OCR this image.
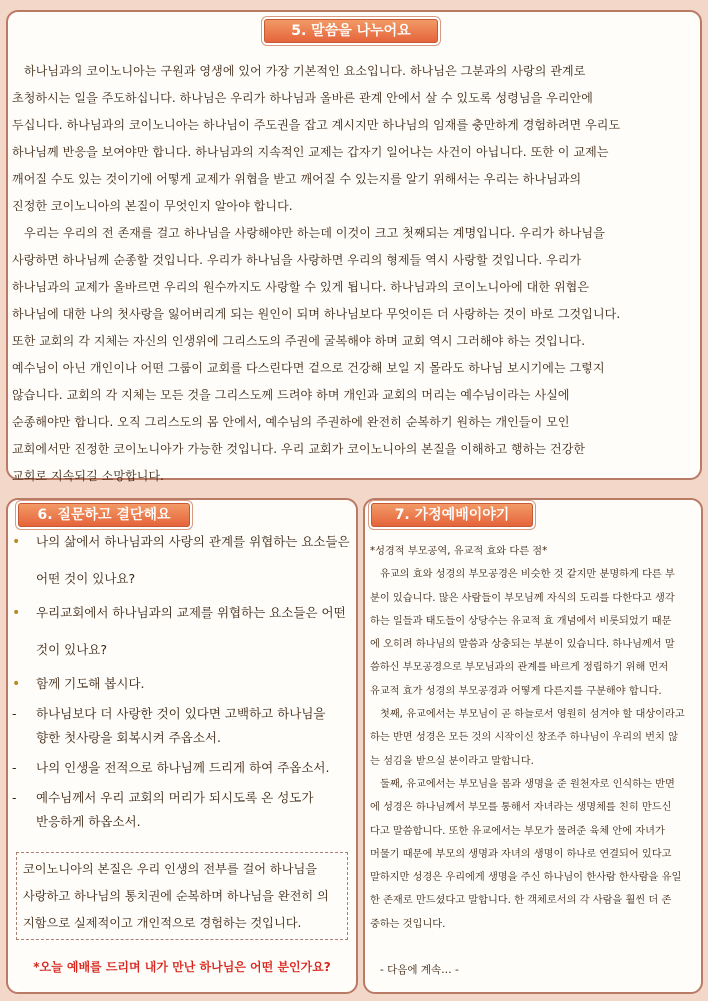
5. 말씀을 나누어요
하나님과의 코이노니아는 구원과 영생에 있어 가장 기본적인 요소입니다. 하나님은 그분과의 사랑의 관계로
초청하시는 일을 주도하십니다. 하나님은 우리가 하나님과 올바른 관계 안에서 살 수 있도록 성령님을 우리안에
두십니다. 하나님과의 코이노니아는 하나님이 주도권을 잡고 계시지만 하나님의 임재를 충만하게 경험하려면 우리도
하나님께 반응을 보여야만 합니다. 하나님과의 지속적인 교제는 갑자기 일어나는 사건이 아닙니다. 또한 이 교제는
깨어질 수도 있는 것이기에 어떻게 교제가 위협을 받고 깨어질 수 있는지를 알기 위해서는 우리는 하나님과의
진정한 코이노니아의 본질이 무엇인지 알아야 합니다.
우리는 우리의 전 존재를 걸고 하나님을 사랑해야만 하는데 이것이 크고 첫째되는 계명입니다. 우리가 하나님을
사랑하면 하나님께 순종할 것입니다. 우리가 하나님을 사랑하면 우리의 형제들 역시 사랑할 것입니다. 우리가
하나님과의 교제가 올바르면 우리의 원수까지도 사랑할 수 있게 됩니다. 하나님과의 코이노니아에 대한 위협은
하나님에 대한 나의 첫사랑을 잃어버리게 되는 원인이 되며 하나님보다 무엇이든 더 사랑하는 것이 바로 그것입니다.
또한 교회의 각 지체는 자신의 인생위에 그리스도의 주권에 굴복해야 하며 교회 역시 그러해야 하는 것입니다.
예수님이 아닌 개인이나 어떤 그룹이 교회를 다스린다면 겉으로 건강해 보일 지 몰라도 하나님 보시기에는 그렇지
않습니다. 교회의 각 지체는 모든 것을 그리스도께 드려야 하며 개인과 교회의 머리는 예수님이라는 사실에
순종해야만 합니다. 오직 그리스도의 몸 안에서, 예수님의 주권하에 완전히 순복하기 원하는 개인들이 모인
교회에서만 진정한 코이노니아가 가능한 것입니다. 우리 교회가 코이노니아의 본질을 이해하고 행하는 건강한
교회로 지속되길 소망합니다.
6. 질문하고 결단해요
• 나의 삶에서 하나님과의 사랑의 관계를 위협하는 요소들은
어떤 것이 있나요?
• 우리교회에서 하나님과의 교제를 위협하는 요소들은 어떤
것이 있나요?
• 함께 기도해 봅시다.
- 하나님보다 더 사랑한 것이 있다면 고백하고 하나님을
향한 첫사랑을 회복시켜 주옵소서.
- 나의 인생을 전적으로 하나님께 드리게 하여 주옵소서.
- 예수님께서 우리 교회의 머리가 되시도록 온 성도가
반응하게 하옵소서.
코이노니아의 본질은 우리 인생의 전부를 걸어 하나님을
사랑하고 하나님의 통치권에 순복하며 하나님을 완전히 의
지함으로 실제적이고 개인적으로 경험하는 것입니다.
*오늘 예배를 드리며 내가 만난 하나님은 어떤 분인가요?
7. 가정예배이야기
*성경적 부모공역, 유교적 효와 다른 점*
유교의 효와 성경의 부모공경은 비슷한 것 같지만 분명하게 다른 부
분이 있습니다. 많은 사람들이 부모님께 자식의 도리를 다한다고 생각
하는 일들과 태도들이 상당수는 유교적 효 개념에서 비롯되었기 때문
에 오히려 하나님의 말씀과 상충되는 부분이 있습니다. 하나님께서 말
씀하신 부모공경으로 부모님과의 관계를 바르게 정립하기 위해 먼저
유교적 효가 성경의 부모공경과 어떻게 다른지를 구분해야 합니다.
첫째, 유교에서는 부모님이 곧 하늘로서 영원히 섬겨야 할 대상이라고
하는 반면 성경은 모든 것의 시작이신 창조주 하나님이 우리의 번치 않
는 섬김을 받으실 분이라고 말합니다.
둘째, 유교에서는 부모님을 몸과 생명을 준 원천자로 인식하는 반면
에 성경은 하나님께서 부모를 통해서 자녀라는 생명체를 친히 만드신
다고 말씀합니다. 또한 유교에서는 부모가 물려준 육체 안에 자녀가
머물기 때문에 부모의 생명과 자녀의 생명이 하나로 연결되어 있다고
말하지만 성경은 우리에게 생명을 주신 하나님이 한사람 한사람을 유일
한 존재로 만드셨다고 말합니다. 한 객체로서의 각 사람을 훨씬 더 존
중하는 것입니다.
- 다음에 계속… -
